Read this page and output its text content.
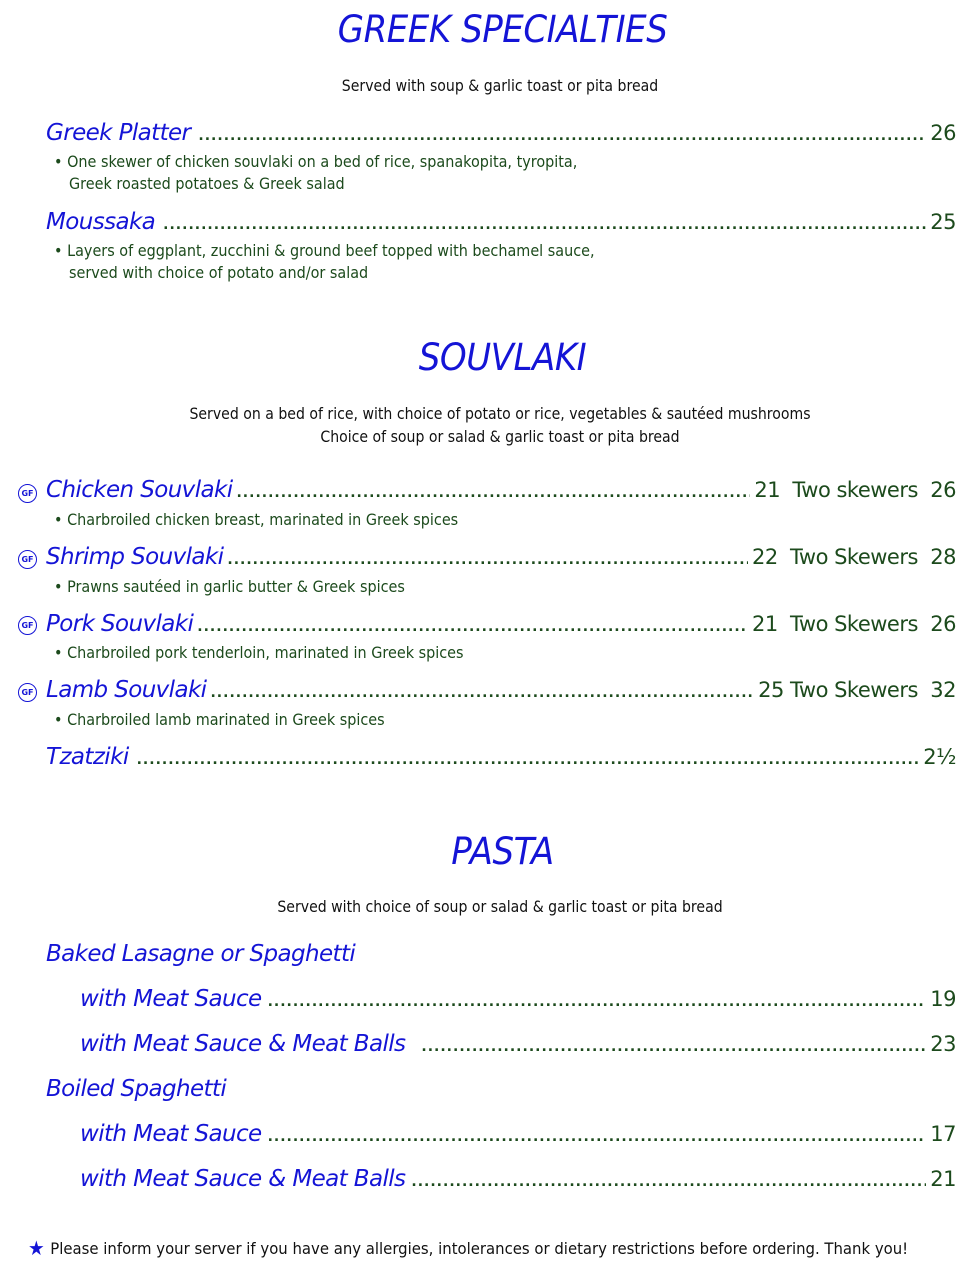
GREEK SPECIALTIES
Served with soup & garlic toast or pita bread
Greek Platter .....	26
• One skewer of chicken souvlaki on a bed of rice, spanakopita, tyropita,
Greek roasted potatoes & Greek salad
Moussaka .....	25
• Layers of eggplant, zucchini & ground beef topped with bechamel sauce,
served with choice of potato and/or salad
SOUVLAKI
Served on a bed of rice, with choice of potato or rice, vegetables & sautéed mushrooms
Choice of soup or salad & garlic toast or pita bread
GF Chicken Souvlaki .....	21  Two skewers  26
• Charbroiled chicken breast, marinated in Greek spices
GF Shrimp Souvlaki .....	22  Two Skewers  28
• Prawns sautéed in garlic butter & Greek spices
GF Pork Souvlaki .....	21  Two Skewers  26
• Charbroiled pork tenderloin, marinated in Greek spices
GF Lamb Souvlaki .....	25 Two Skewers  32
• Charbroiled lamb marinated in Greek spices
Tzatziki .....	2½
PASTA
Served with choice of soup or salad & garlic toast or pita bread
Baked Lasagne or Spaghetti
with Meat Sauce .....	19
with Meat Sauce & Meat Balls .....	23
Boiled Spaghetti
with Meat Sauce .....	17
with Meat Sauce & Meat Balls .....	21
★ Please inform your server if you have any allergies, intolerances or dietary restrictions before ordering. Thank you!
